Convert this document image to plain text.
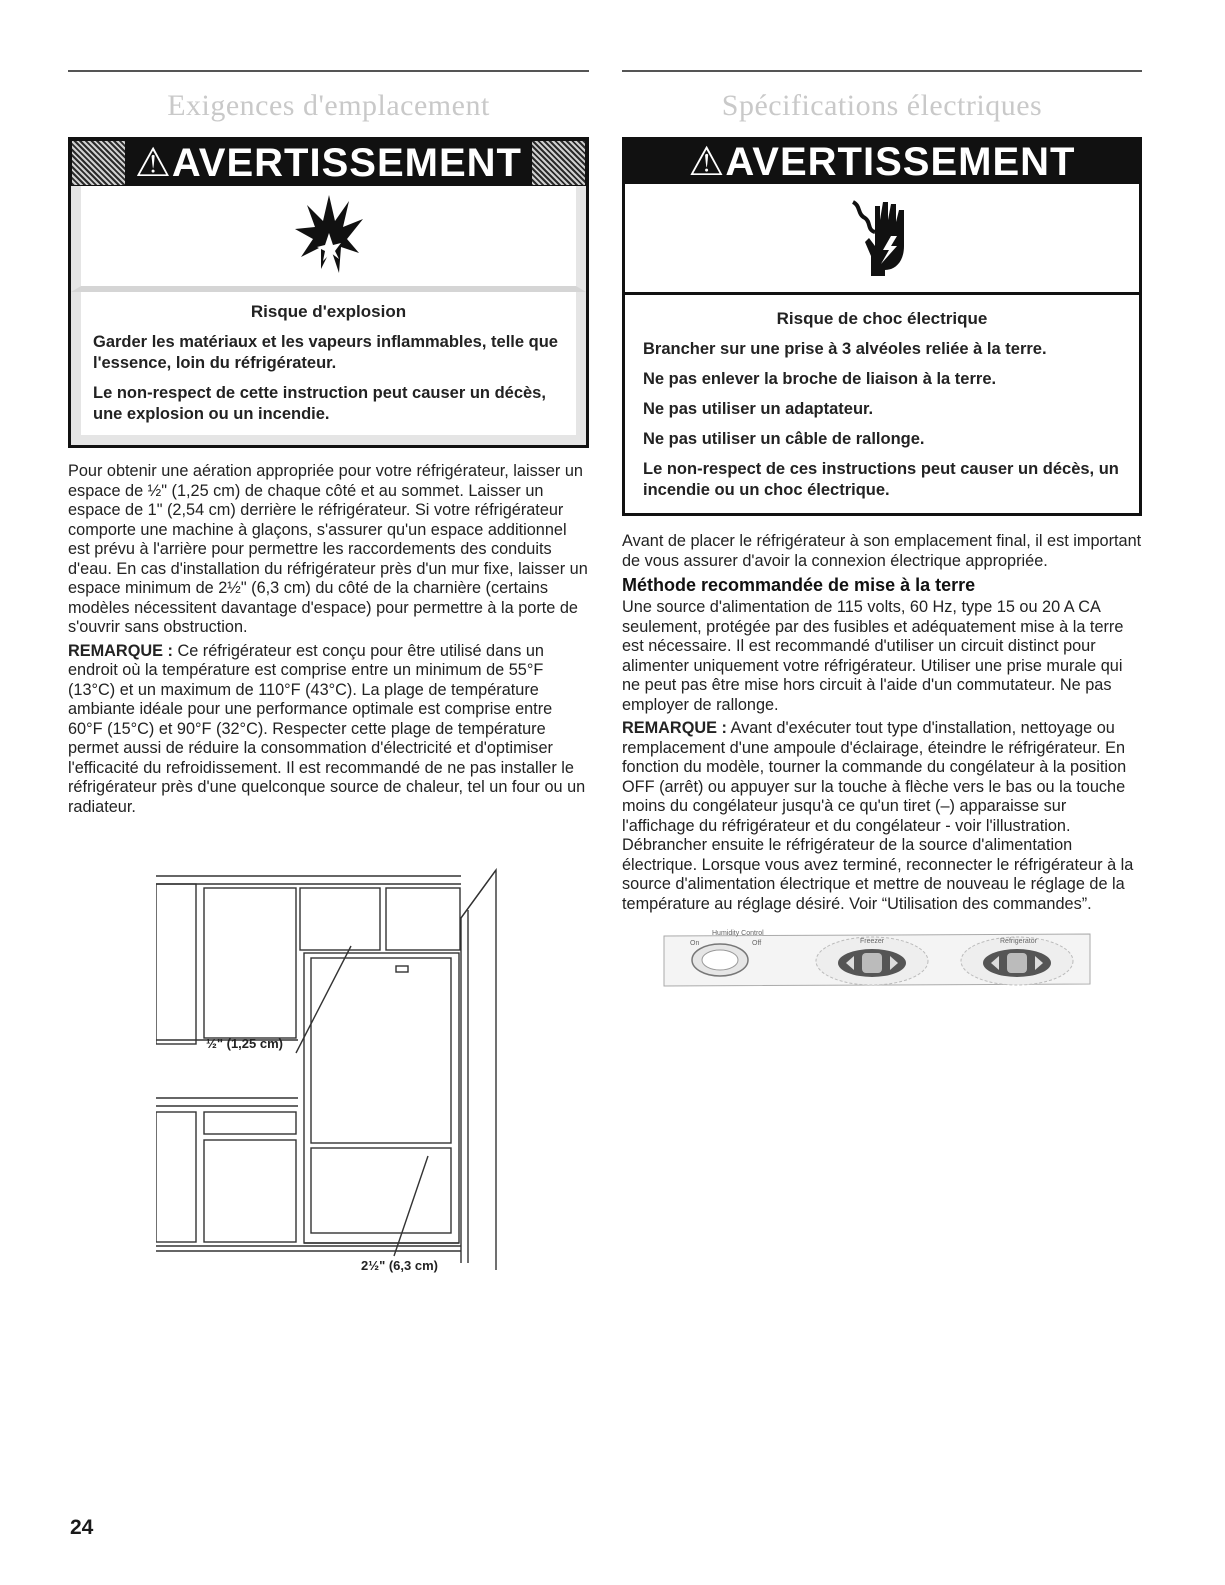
Exigences d'emplacement
⚠AVERTISSEMENT

Risque d'explosion

Garder les matériaux et les vapeurs inflammables, telle que l'essence, loin du réfrigérateur.

Le non-respect de cette instruction peut causer un décès, une explosion ou un incendie.

Pour obtenir une aération appropriée pour votre réfrigérateur, laisser un espace de ½" (1,25 cm) de chaque côté et au sommet. Laisser un espace de 1" (2,54 cm) derrière le réfrigérateur. Si votre réfrigérateur comporte une machine à glaçons, s'assurer qu'un espace additionnel est prévu à l'arrière pour permettre les raccordements des conduits d'eau. En cas d'installation du réfrigérateur près d'un mur fixe, laisser un espace minimum de 2½" (6,3 cm) du côté de la charnière (certains modèles nécessitent davantage d'espace) pour permettre à la porte de s'ouvrir sans obstruction.

REMARQUE : Ce réfrigérateur est conçu pour être utilisé dans un endroit où la température est comprise entre un minimum de 55°F (13°C) et un maximum de 110°F (43°C). La plage de température ambiante idéale pour une performance optimale est comprise entre 60°F (15°C) et 90°F (32°C). Respecter cette plage de température permet aussi de réduire la consommation d'électricité et d'optimiser l'efficacité du refroidissement. Il est recommandé de ne pas installer le réfrigérateur près d'une quelconque source de chaleur, tel un four ou un radiateur.

½" (1,25 cm)
2½" (6,3 cm)
Spécifications électriques
⚠AVERTISSEMENT

Risque de choc électrique

Brancher sur une prise à 3 alvéoles reliée à la terre.

Ne pas enlever la broche de liaison à la terre.

Ne pas utiliser un adaptateur.

Ne pas utiliser un câble de rallonge.

Le non-respect de ces instructions peut causer un décès, un incendie ou un choc électrique.

Avant de placer le réfrigérateur à son emplacement final, il est important de vous assurer d'avoir la connexion électrique appropriée.

Méthode recommandée de mise à la terre

Une source d'alimentation de 115 volts, 60 Hz, type 15 ou 20 A CA seulement, protégée par des fusibles et adéquatement mise à la terre est nécessaire. Il est recommandé d'utiliser un circuit distinct pour alimenter uniquement votre réfrigérateur. Utiliser une prise murale qui ne peut pas être mise hors circuit à l'aide d'un commutateur. Ne pas employer de rallonge.

REMARQUE : Avant d'exécuter tout type d'installation, nettoyage ou remplacement d'une ampoule d'éclairage, éteindre le réfrigérateur. En fonction du modèle, tourner la commande du congélateur à la position OFF (arrêt) ou appuyer sur la touche à flèche vers le bas ou la touche moins du congélateur jusqu'à ce qu'un tiret (–) apparaisse sur l'affichage du réfrigérateur et du congélateur - voir l'illustration. Débrancher ensuite le réfrigérateur de la source d'alimentation électrique. Lorsque vous avez terminé, reconnecter le réfrigérateur à la source d'alimentation électrique et mettre de nouveau le réglage de la température au réglage désiré. Voir “Utilisation des commandes”.

Humidity Control
On	Off	Freezer	Refrigerator
24
